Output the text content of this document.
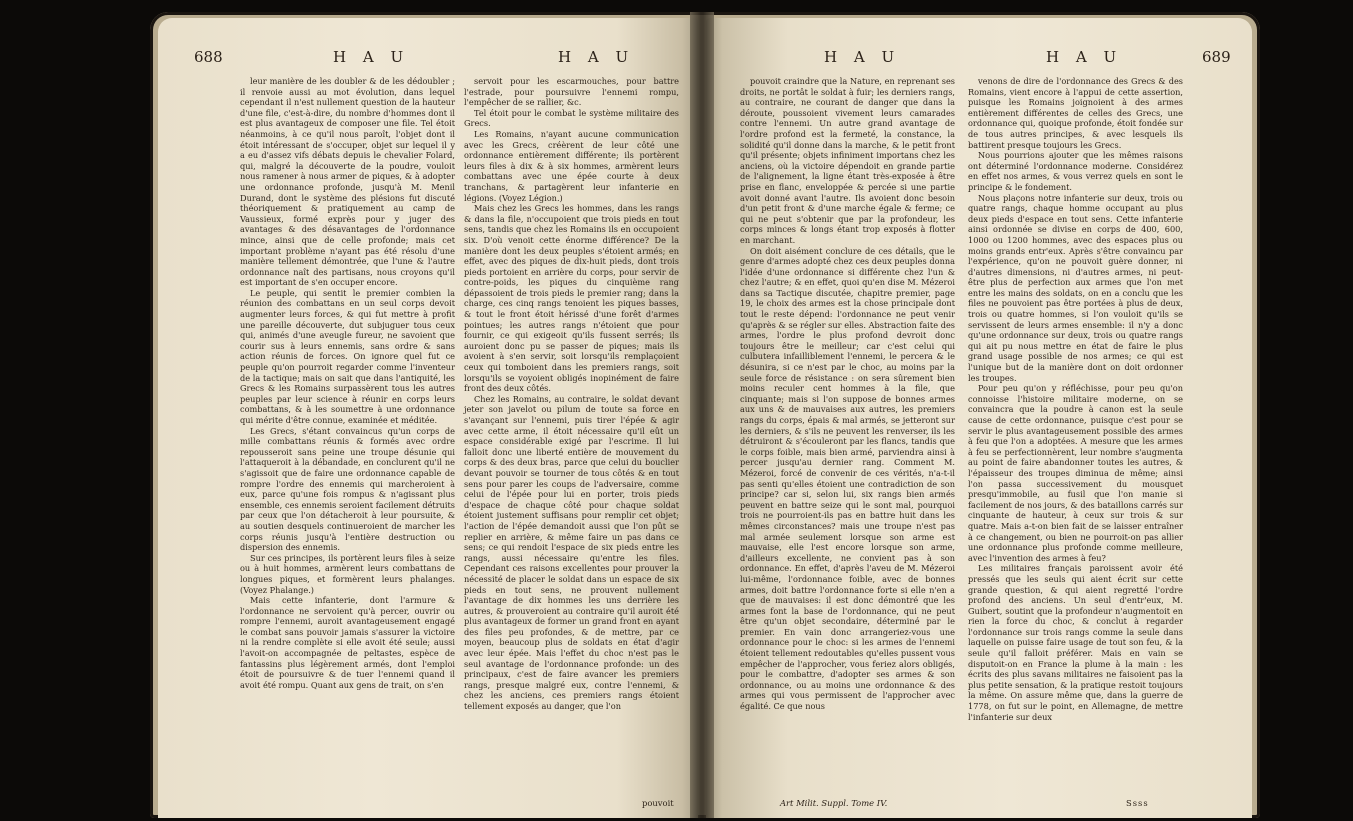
688	H A U	H A U

leur manière de les doubler & de les dédoubler ; il renvoie aussi au mot évolution, dans lequel cependant il n'est nullement question de la hauteur d'une file, c'est-à-dire, du nombre d'hommes dont il est plus avantageux de composer une file. Tel étoit néanmoins, à ce qu'il nous paroît, l'objet dont il étoit intéressant de s'occuper, objet sur lequel il y a eu d'assez vifs débats depuis le chevalier Folard, qui, malgré la découverte de la poudre, vouloit nous ramener à nous armer de piques, & à adopter une ordonnance profonde, jusqu'à M. Menil Durand, dont le système des plésions fut discuté théoriquement & pratiquement au camp de Vaussieux, formé exprès pour y juger des avantages & des désavantages de l'ordonnance mince, ainsi que de celle profonde; mais cet important problème n'ayant pas été résolu d'une manière tellement démontrée, que l'une & l'autre ordonnance naît des partisans, nous croyons qu'il est important de s'en occuper encore.

Le peuple, qui sentit le premier combien la réunion des combattans en un seul corps devoit augmenter leurs forces, & qui fut mettre à profit une pareille découverte, dut subjuguer tous ceux qui, animés d'une aveugle fureur, ne savoient que courir sus à leurs ennemis, sans ordre & sans action réunis de forces. On ignore quel fut ce peuple qu'on pourroit regarder comme l'inventeur de la tactique; mais on sait que dans l'antiquité, les Grecs & les Romains surpassèrent tous les autres peuples par leur science à réunir en corps leurs combattans, & à les soumettre à une ordonnance qui mérite d'être connue, examinée et méditée.

Les Grecs, s'étant convaincus qu'un corps de mille combattans réunis & formés avec ordre repousseroit sans peine une troupe désunie qui l'attaqueroit à la débandade, en conclurent qu'il ne s'agissoit que de faire une ordonnance capable de rompre l'ordre des ennemis qui marcheroient à eux, parce qu'une fois rompus & n'agissant plus ensemble, ces ennemis seroient facilement détruits par ceux que l'on détacheroit à leur poursuite, & au soutien desquels continueroient de marcher les corps réunis jusqu'à l'entière destruction ou dispersion des ennemis.

Sur ces principes, ils portèrent leurs files à seize ou à huit hommes, armèrent leurs combattans de longues piques, et formèrent leurs phalanges. (Voyez Phalange.)

Mais cette infanterie, dont l'armure & l'ordonnance ne servoient qu'à percer, ouvrir ou rompre l'ennemi, auroit avantageusement engagé le combat sans pouvoir jamais s'assurer la victoire ni la rendre complète si elle avoit été seule; aussi l'avoit-on accompagnée de peltastes, espèce de fantassins plus légèrement armés, dont l'emploi étoit de poursuivre & de tuer l'ennemi quand il avoit été rompu. Quant aux gens de trait, on s'en

servoit pour les escarmouches, pour battre l'estrade, pour poursuivre l'ennemi rompu, l'empêcher de se rallier, &c.

Tel étoit pour le combat le système militaire des Grecs.

Les Romains, n'ayant aucune communication avec les Grecs, créèrent de leur côté une ordonnance entièrement différente; ils portèrent leurs files à dix & à six hommes, armèrent leurs combattans avec une épée courte à deux tranchans, & partagèrent leur infanterie en légions. (Voyez Légion.)

Mais chez les Grecs les hommes, dans les rangs & dans la file, n'occupoient que trois pieds en tout sens, tandis que chez les Romains ils en occupoient six. D'où venoit cette énorme différence? De la manière dont les deux peuples s'étoient armés; en effet, avec des piques de dix-huit pieds, dont trois pieds portoient en arrière du corps, pour servir de contre-poids, les piques du cinquième rang dépassoient de trois pieds le premier rang; dans la charge, ces cinq rangs tenoient les piques basses, & tout le front étoit hérissé d'une forêt d'armes pointues; les autres rangs n'étoient que pour fournir, ce qui exigeoit qu'ils fussent serrés; ils auroient donc pu se passer de piques; mais ils avoient à s'en servir, soit lorsqu'ils remplaçoient ceux qui tomboient dans les premiers rangs, soit lorsqu'ils se voyoient obligés inopinément de faire front des deux côtés.

Chez les Romains, au contraire, le soldat devant jeter son javelot ou pilum de toute sa force en s'avançant sur l'ennemi, puis tirer l'épée & agir avec cette arme, il étoit nécessaire qu'il eût un espace considérable exigé par l'escrime. Il lui falloit donc une liberté entière de mouvement du corps & des deux bras, parce que celui du bouclier devant pouvoir se tourner de tous côtés & en tout sens pour parer les coups de l'adversaire, comme celui de l'épée pour lui en porter, trois pieds d'espace de chaque côté pour chaque soldat étoient justement suffisans pour remplir cet objet; l'action de l'épée demandoit aussi que l'on pût se replier en arrière, & même faire un pas dans ce sens; ce qui rendoit l'espace de six pieds entre les rangs, aussi nécessaire qu'entre les files. Cependant ces raisons excellentes pour prouver la nécessité de placer le soldat dans un espace de six pieds en tout sens, ne prouvent nullement l'avantage de dix hommes les uns derrière les autres, & prouveroient au contraire qu'il auroit été plus avantageux de former un grand front en ayant des files peu profondes, & de mettre, par ce moyen, beaucoup plus de soldats en état d'agir avec leur épée. Mais l'effet du choc n'est pas le seul avantage de l'ordonnance profonde: un des principaux, c'est de faire avancer les premiers rangs, presque malgré eux, contre l'ennemi, & chez les anciens, ces premiers rangs étoient tellement exposés au danger, que l'on

pouvoit
H A U	H A U	689

pouvoit craindre que la Nature, en reprenant ses droits, ne portât le soldat à fuir; les derniers rangs, au contraire, ne courant de danger que dans la déroute, poussoient vivement leurs camarades contre l'ennemi. Un autre grand avantage de l'ordre profond est la fermeté, la constance, la solidité qu'il donne dans la marche, & le petit front qu'il présente; objets infiniment importans chez les anciens, où la victoire dépendoit en grande partie de l'alignement, la ligne étant très-exposée à être prise en flanc, enveloppée & percée si une partie avoit donné avant l'autre. Ils avoient donc besoin d'un petit front & d'une marche égale & ferme; ce qui ne peut s'obtenir que par la profondeur, les corps minces & longs étant trop exposés à flotter en marchant.

On doit aisément conclure de ces détails, que le genre d'armes adopté chez ces deux peuples donna l'idée d'une ordonnance si différente chez l'un & chez l'autre; & en effet, quoi qu'en dise M. Mézeroi dans sa Tactique discutée, chapitre premier, page 19, le choix des armes est la chose principale dont tout le reste dépend: l'ordonnance ne peut venir qu'après & se régler sur elles. Abstraction faite des armes, l'ordre le plus profond devroit donc toujours être le meilleur; car c'est celui qui culbutera infailliblement l'ennemi, le percera & le désunira, si ce n'est par le choc, au moins par la seule force de résistance : on sera sûrement bien moins reculer cent hommes à la file, que cinquante; mais si l'on suppose de bonnes armes aux uns & de mauvaises aux autres, les premiers rangs du corps, épais & mal armés, se jetteront sur les derniers, & s'ils ne peuvent les renverser, ils les détruiront & s'écouleront par les flancs, tandis que le corps foible, mais bien armé, parviendra ainsi à percer jusqu'au dernier rang. Comment M. Mézeroi, forcé de convenir de ces vérités, n'a-t-il pas senti qu'elles étoient une contradiction de son principe? car si, selon lui, six rangs bien armés peuvent en battre seize qui le sont mal, pourquoi trois ne pourroient-ils pas en battre huit dans les mêmes circonstances? mais une troupe n'est pas mal armée seulement lorsque son arme est mauvaise, elle l'est encore lorsque son arme, d'ailleurs excellente, ne convient pas à son ordonnance. En effet, d'après l'aveu de M. Mézeroi lui-même, l'ordonnance foible, avec de bonnes armes, doit battre l'ordonnance forte si elle n'en a que de mauvaises: il est donc démontré que les armes font la base de l'ordonnance, qui ne peut être qu'un objet secondaire, déterminé par le premier. En vain donc arrangeriez-vous une ordonnance pour le choc: si les armes de l'ennemi étoient tellement redoutables qu'elles pussent vous empêcher de l'approcher, vous feriez alors obligés, pour le combattre, d'adopter ses armes & son ordonnance, ou au moins une ordonnance & des armes qui vous permissent de l'approcher avec égalité. Ce que nous

venons de dire de l'ordonnance des Grecs & des Romains, vient encore à l'appui de cette assertion, puisque les Romains joignoient à des armes entièrement différentes de celles des Grecs, une ordonnance qui, quoique profonde, étoit fondée sur de tous autres principes, & avec lesquels ils battirent presque toujours les Grecs.

Nous pourrions ajouter que les mêmes raisons ont déterminé l'ordonnance moderne. Considérez en effet nos armes, & vous verrez quels en sont le principe & le fondement.

Nous plaçons notre infanterie sur deux, trois ou quatre rangs, chaque homme occupant au plus deux pieds d'espace en tout sens. Cette infanterie ainsi ordonnée se divise en corps de 400, 600, 1000 ou 1200 hommes, avec des espaces plus ou moins grands entr'eux. Après s'être convaincu par l'expérience, qu'on ne pouvoit guère donner, ni d'autres dimensions, ni d'autres armes, ni peut-être plus de perfection aux armes que l'on met entre les mains des soldats, on en a conclu que les files ne pouvoient pas être portées à plus de deux, trois ou quatre hommes, si l'on vouloit qu'ils se servissent de leurs armes ensemble: il n'y a donc qu'une ordonnance sur deux, trois ou quatre rangs qui ait pu nous mettre en état de faire le plus grand usage possible de nos armes; ce qui est l'unique but de la manière dont on doit ordonner les troupes.

Pour peu qu'on y réfléchisse, pour peu qu'on connoisse l'histoire militaire moderne, on se convaincra que la poudre à canon est la seule cause de cette ordonnance, puisque c'est pour se servir le plus avantageusement possible des armes à feu que l'on a adoptées. A mesure que les armes à feu se perfectionnèrent, leur nombre s'augmenta au point de faire abandonner toutes les autres, & l'épaisseur des troupes diminua de même; ainsi l'on passa successivement du mousquet presqu'immobile, au fusil que l'on manie si facilement de nos jours, & des bataillons carrés sur cinquante de hauteur, à ceux sur trois & sur quatre. Mais a-t-on bien fait de se laisser entraîner à ce changement, ou bien ne pourroit-on pas allier une ordonnance plus profonde comme meilleure, avec l'invention des armes à feu?

Les militaires français paroissent avoir été pressés que les seuls qui aient écrit sur cette grande question, & qui aient regretté l'ordre profond des anciens. Un seul d'entr'eux, M. Guibert, soutint que la profondeur n'augmentoit en rien la force du choc, & conclut à regarder l'ordonnance sur trois rangs comme la seule dans laquelle on puisse faire usage de tout son feu, & la seule qu'il falloit préférer. Mais en vain se disputoit-on en France la plume à la main : les écrits des plus savans militaires ne faisoient pas la plus petite sensation, & la pratique restoit toujours la même. On assure même que, dans la guerre de 1778, on fut sur le point, en Allemagne, de mettre l'infanterie sur deux

Art Milit. Suppl. Tome IV.	Ssss
